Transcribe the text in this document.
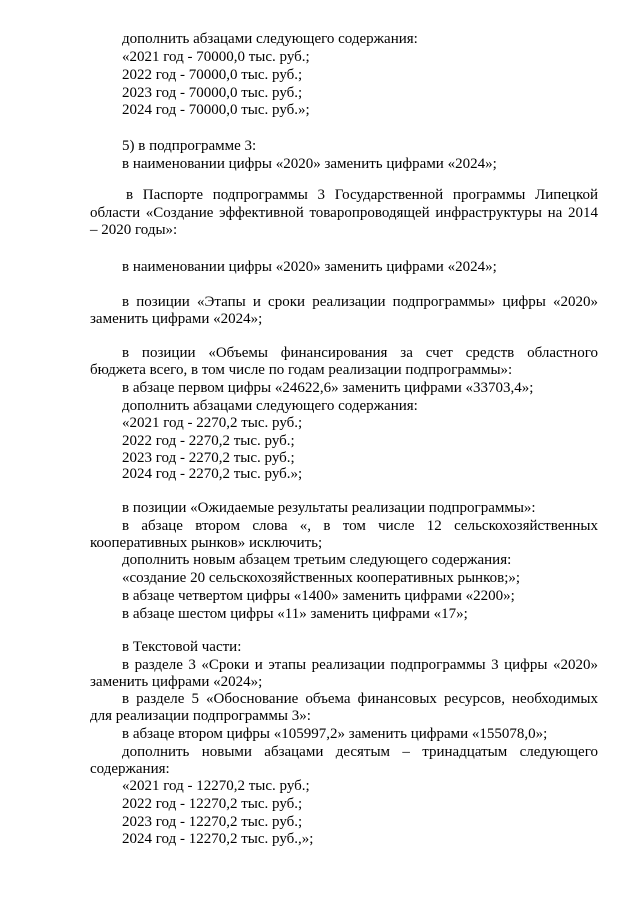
дополнить абзацами следующего содержания:

«2021 год - 70000,0 тыс. руб.;

2022 год - 70000,0 тыс. руб.;

2023 год - 70000,0 тыс. руб.;

2024 год - 70000,0 тыс. руб.»;

5) в подпрограмме 3:

в наименовании цифры «2020» заменить цифрами «2024»;

в Паспорте подпрограммы 3 Государственной программы Липецкой

области «Создание эффективной товаропроводящей инфраструктуры на 2014

– 2020 годы»:

в наименовании цифры «2020» заменить цифрами «2024»;

в позиции «Этапы и сроки реализации подпрограммы» цифры «2020»

заменить цифрами «2024»;

в позиции «Объемы финансирования за счет средств областного

бюджета всего, в том числе по годам реализации подпрограммы»:

в абзаце первом цифры «24622,6» заменить цифрами «33703,4»;

дополнить абзацами следующего содержания:

«2021 год - 2270,2 тыс. руб.;

2022 год - 2270,2 тыс. руб.;

2023 год - 2270,2 тыс. руб.;

2024 год - 2270,2 тыс. руб.»;

в позиции «Ожидаемые результаты реализации подпрограммы»:

в абзаце втором слова «, в том числе 12 сельскохозяйственных

кооперативных рынков» исключить;

дополнить новым абзацем третьим следующего содержания:

«создание 20 сельскохозяйственных кооперативных рынков;»;

в абзаце четвертом цифры «1400» заменить цифрами «2200»;

в абзаце шестом цифры «11» заменить цифрами «17»;

в Текстовой части:

в разделе 3 «Сроки и этапы реализации подпрограммы 3 цифры «2020»

заменить цифрами «2024»;

в разделе 5 «Обоснование объема финансовых ресурсов, необходимых

для реализации подпрограммы 3»:

в абзаце втором цифры «105997,2» заменить цифрами «155078,0»;

дополнить новыми абзацами десятым – тринадцатым следующего

содержания:

«2021 год - 12270,2 тыс. руб.;

2022 год - 12270,2 тыс. руб.;

2023 год - 12270,2 тыс. руб.;

2024 год - 12270,2 тыс. руб.,»;
